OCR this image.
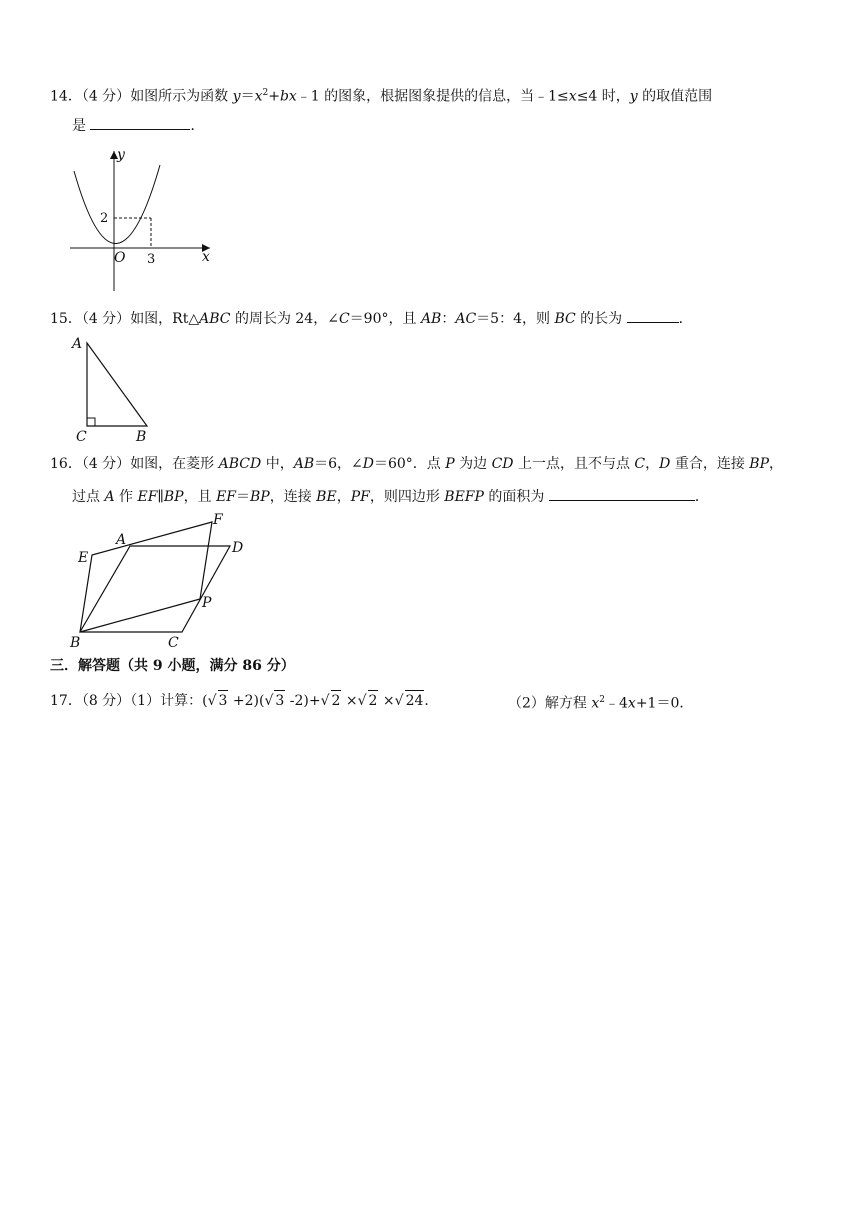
14．（4 分）如图所示为函数 $y=x^2+bx﹣1$ 的图象，根据图象提供的信息，当﹣1≤x≤4 时，y 的取值范围
是	．
y
x
O
2
3
15．（4 分）如图，Rt△ABC 的周长为 24，∠C＝90°，且 AB：AC＝5：4，则 BC 的长为	．
A
C	B
16．（4 分）如图，在菱形 ABCD 中，AB＝6，∠D＝60°．点 P 为边 CD 上一点，且不与点 C，D 重合，连接 BP，
过点 A 作 EF∥BP，且 EF＝BP，连接 BE，PF，则四边形 BEFP 的面积为	．
F
A	D
E
P
B	C
三．解答题（共 9 小题，满分 86 分）
17．（8 分）（1）计算：(√ 3 +2)(√ 3 -2)+√ 2 ×√ 2 ×√ 24．	（2）解方程 $x^2﹣4x+1=0$．
